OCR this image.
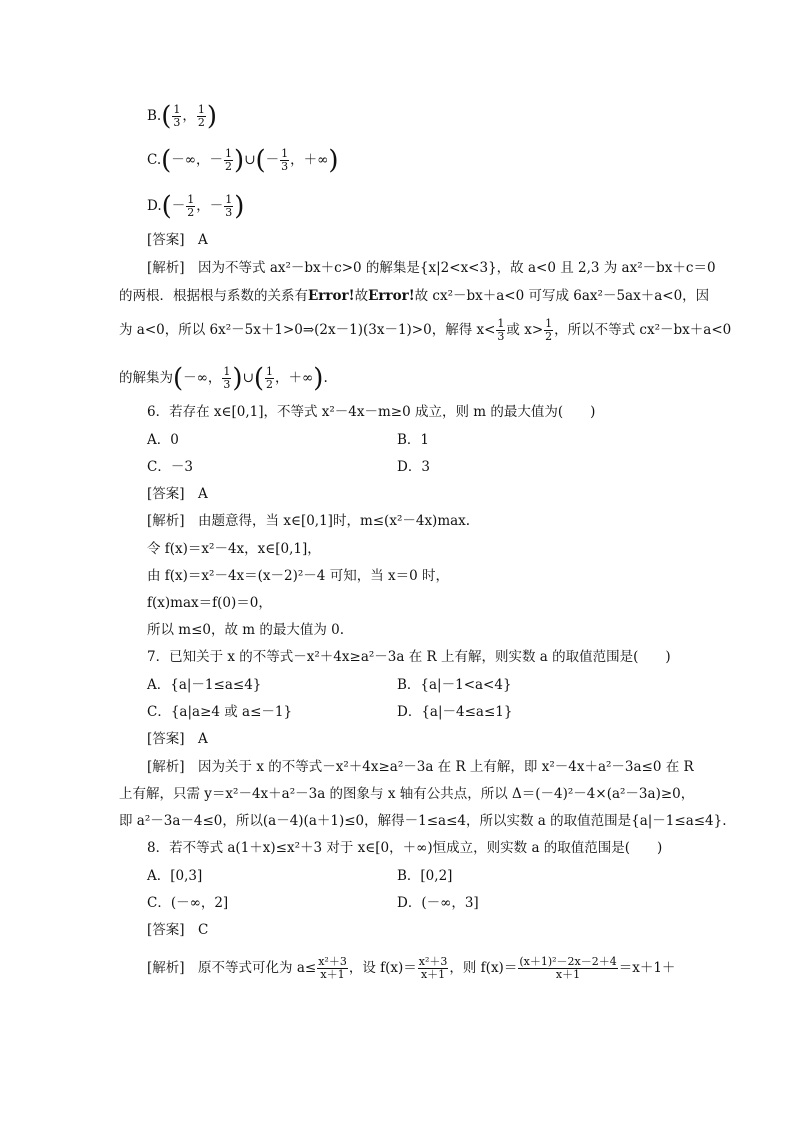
$B.( \frac{1}{3}$ ， $\frac{1}{2}$ )
C.(－∞，－ $\frac{1}{2}$ )∪(－ $\frac{1}{3}$ ，＋∞)
$D.(- \frac{1}{2}$ ，－ $\frac{1}{3}$ )
[答案]　 A
[解析]　 因为不等式 ax²－bx＋c>0 的解集是{x|2<x<3}，故 a<0 且 2,3 为 ax²－bx＋c＝0
的两根．根据根与系数的关系有Error!故Error!故 cx²－bx＋a<0 可写成 6ax²－5ax＋a<0，因
为 a<0，所以 6x²－5x＋1>0⇒(2x－1)(3x－1)>0，解得 $x< \frac{1}{3}$ 或 $x> \frac{1}{2}$ ，所以不等式 cx²－bx＋a<0
的解集为(－∞， $\frac{1}{3}$ )∪( $\frac{1}{2}$ ，＋∞).
6．若存在 x∈[0,1]，不等式 x²－4x－m≥0 成立，则 m 的最大值为(　　)
A．0	B．1
C．－3	D．3
[答案]　 A
[解析]　 由题意得，当 x∈[0,1]时，m≤(x²－4x)max.
令 f(x)＝x²－4x，x∈[0,1]，
由 f(x)＝x²－4x＝(x－2)²－4 可知，当 x＝0 时，
f(x)max＝f(0)＝0，
所以 m≤0，故 m 的最大值为 0.
7．已知关于 x 的不等式－x²＋4x≥a²－3a 在 R 上有解，则实数 a 的取值范围是(　　)
A．{a|－1≤a≤4}	B．{a|－1<a<4}
C．{a|a≥4 或 a≤－1}	D．{a|－4≤a≤1}
[答案]　 A
[解析]　 因为关于 x 的不等式－x²＋4x≥a²－3a 在 R 上有解，即 x²－4x＋a²－3a≤0 在 R
上有解，只需 y＝x²－4x＋a²－3a 的图象与 x 轴有公共点，所以 Δ＝(－4)²－4×(a²－3a)≥0，
即 a²－3a－4≤0，所以(a－4)(a＋1)≤0，解得－1≤a≤4，所以实数 a 的取值范围是{a|－1≤a≤4}.
8．若不等式 a(1＋x)≤x²＋3 对于 x∈[0，＋∞)恒成立，则实数 a 的取值范围是(　　)
A．[0,3]	B．[0,2]
C．(－∞，2]	D．(－∞，3]
[答案]　 C
[解析]　 原不等式可化为 $a\le \frac{\text{x²＋3}}{x+1}$ ，设 $f(x)= \frac{\text{x²＋3}}{x+1}$ ，则 $f(x)= \frac{\text{(x＋1)²－2x－2＋4}}{x+1} =x+1+$
